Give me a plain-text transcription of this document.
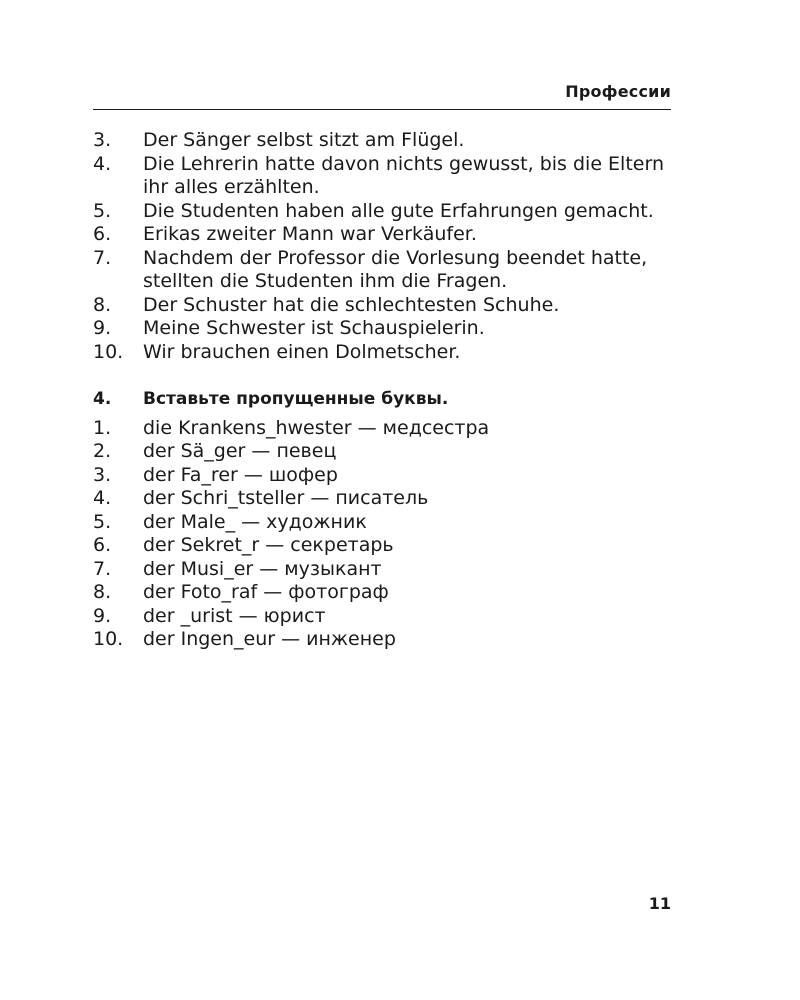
Профессии
3. Der Sänger selbst sitzt am Flügel.
4. Die Lehrerin hatte davon nichts gewusst, bis die Eltern ihr alles erzählten.
5. Die Studenten haben alle gute Erfahrungen gemacht.
6. Erikas zweiter Mann war Verkäufer.
7. Nachdem der Professor die Vorlesung beendet hatte, stellten die Studenten ihm die Fragen.
8. Der Schuster hat die schlechtesten Schuhe.
9. Meine Schwester ist Schauspielerin.
10. Wir brauchen einen Dolmetscher.
4. Вставьте пропущенные буквы.
1. die Krankens_hwester — медсестра
2. der Sä_ger — певец
3. der Fa_rer — шофер
4. der Schri_tsteller — писатель
5. der Male_ — художник
6. der Sekret_r — секретарь
7. der Musi_er — музыкант
8. der Foto_raf — фотограф
9. der _urist — юрист
10. der Ingen_eur — инженер
11
